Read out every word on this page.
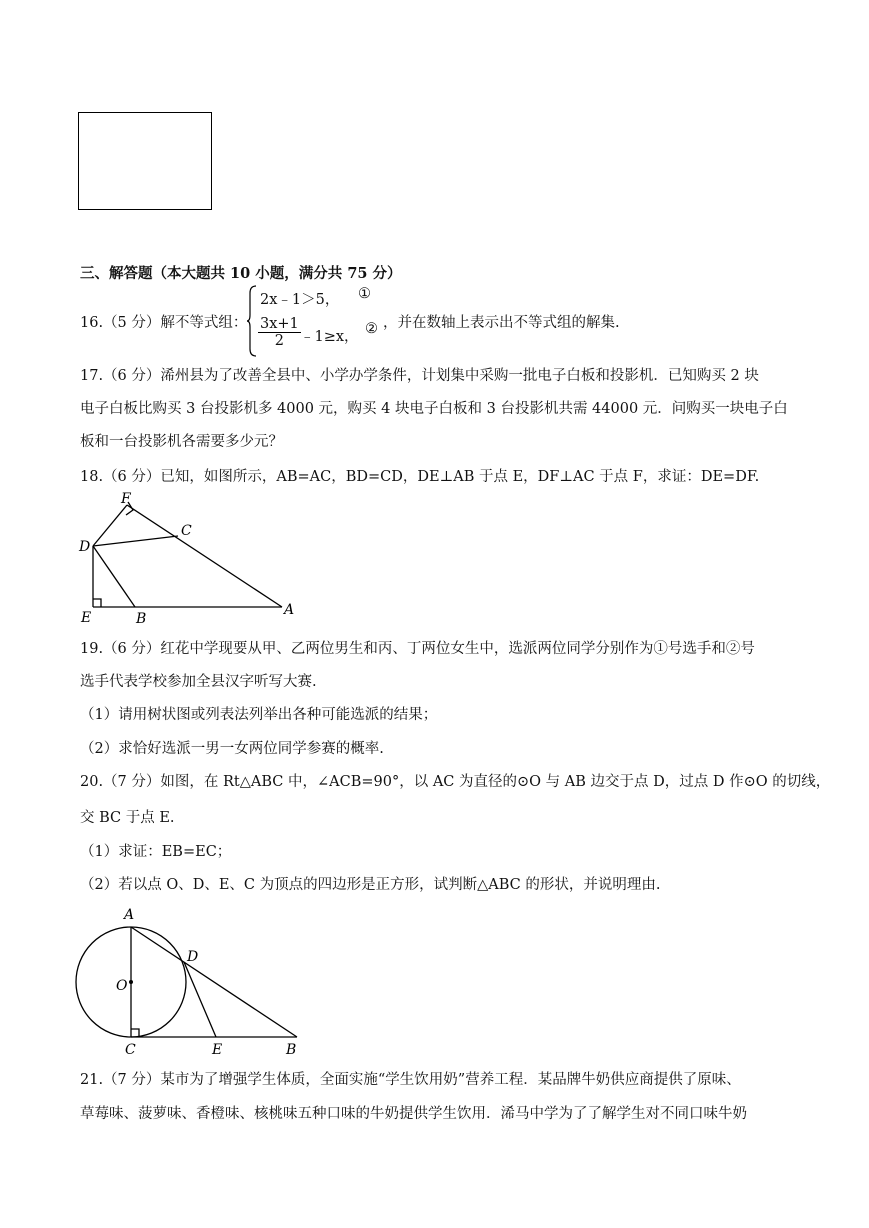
三、解答题（本大题共 10 小题，满分共 75 分）
16.（5 分）解不等式组：
2x﹣1＞5， ①
$\frac{3x+1}{2}$ ﹣1≥x， ② ，并在数轴上表示出不等式组的解集.
17.（6 分）浠州县为了改善全县中、小学办学条件，计划集中采购一批电子白板和投影机．已知购买 2 块
电子白板比购买 3 台投影机多 4000 元，购买 4 块电子白板和 3 台投影机共需 44000 元．问购买一块电子白
板和一台投影机各需要多少元？
18.（6 分）已知，如图所示，AB=AC，BD=CD，DE⊥AB 于点 E，DF⊥AC 于点 F，求证：DE=DF.
F
C
D
E	B
A
19.（6 分）红花中学现要从甲、乙两位男生和丙、丁两位女生中，选派两位同学分别作为①号选手和②号
选手代表学校参加全县汉字听写大赛.
（1）请用树状图或列表法列举出各种可能选派的结果；
（2）求恰好选派一男一女两位同学参赛的概率.
20.（7 分）如图，在 Rt△ABC 中，∠ACB=90°，以 AC 为直径的⊙O 与 AB 边交于点 D，过点 D 作⊙O 的切线，
交 BC 于点 E.
（1）求证：EB=EC；
（2）若以点 O、D、E、C 为顶点的四边形是正方形，试判断△ABC 的形状，并说明理由.
A
D
O
C	E	B
21.（7 分）某市为了增强学生体质，全面实施“学生饮用奶”营养工程．某品牌牛奶供应商提供了原味、
草莓味、菠萝味、香橙味、核桃味五种口味的牛奶提供学生饮用．浠马中学为了了解学生对不同口味牛奶
